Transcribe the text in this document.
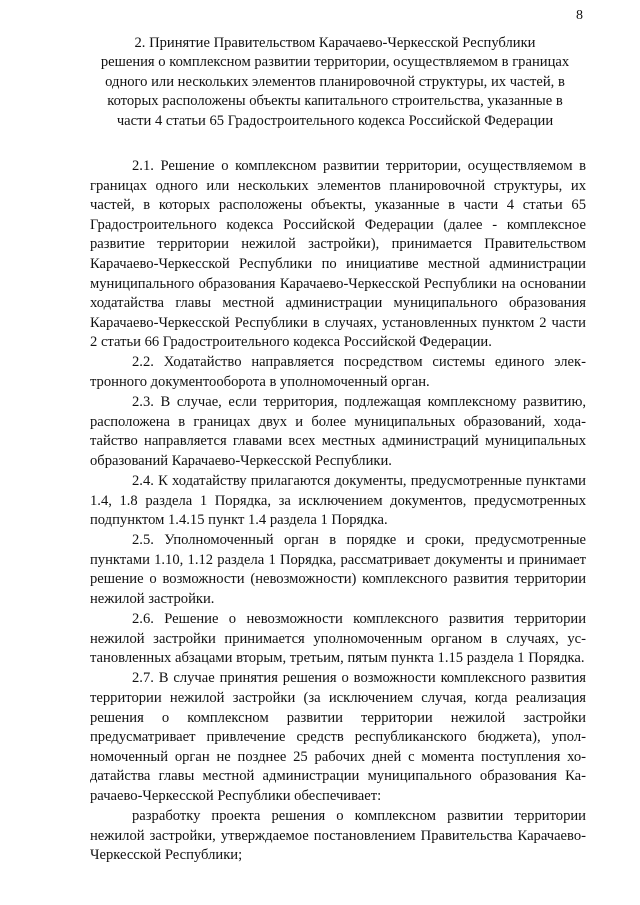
8
2. Принятие Правительством Карачаево-Черкесской Республики
решения о комплексном развитии территории, осуществляемом в границах
одного или нескольких элементов планировочной структуры, их частей, в
которых расположены объекты капитального строительства, указанные в
части 4 статьи 65 Градостроительного кодекса Российской Федерации

2.1. Решение о комплексном развитии территории, осуществляемом в границах одного или нескольких элементов планировочной структуры, их частей, в которых расположены объекты, указанные в части 4 статьи 65 Градостроительного кодекса Российской Федерации (далее - комплексное развитие территории нежилой застройки), принимается Правительством Карачаево-Черкесской Республики по инициативе местной администрации муниципального образования Карачаево-Черкесской Республики на основании ходатайства главы местной администрации муниципального образования Карачаево-Черкесской Республики в случаях, установленных пунктом 2 части 2 статьи 66 Градостроительного кодекса Российской Федерации.

2.2. Ходатайство направляется посредством системы единого электронного документооборота в уполномоченный орган.

2.3. В случае, если территория, подлежащая комплексному развитию, расположена в границах двух и более муниципальных образований, ходатайство направляется главами всех местных администраций муниципальных образований Карачаево-Черкесской Республики.

2.4. К ходатайству прилагаются документы, предусмотренные пунктами 1.4, 1.8 раздела 1 Порядка, за исключением документов, предусмотренных подпунктом 1.4.15 пункт 1.4 раздела 1 Порядка.

2.5. Уполномоченный орган в порядке и сроки, предусмотренные пунктами 1.10, 1.12 раздела 1 Порядка, рассматривает документы и принимает решение о возможности (невозможности) комплексного развития территории нежилой застройки.

2.6. Решение о невозможности комплексного развития территории нежилой застройки принимается уполномоченным органом в случаях, установленных абзацами вторым, третьим, пятым пункта 1.15 раздела 1 Порядка.

2.7. В случае принятия решения о возможности комплексного развития территории нежилой застройки (за исключением случая, когда реализация решения о комплексном развитии территории нежилой застройки предусматривает привлечение средств республиканского бюджета), уполномоченный орган не позднее 25 рабочих дней с момента поступления ходатайства главы местной администрации муниципального образования Карачаево-Черкесской Республики обеспечивает:

разработку проекта решения о комплексном развитии территории нежилой застройки, утверждаемое постановлением Правительства Карачаево-Черкесской Республики;
